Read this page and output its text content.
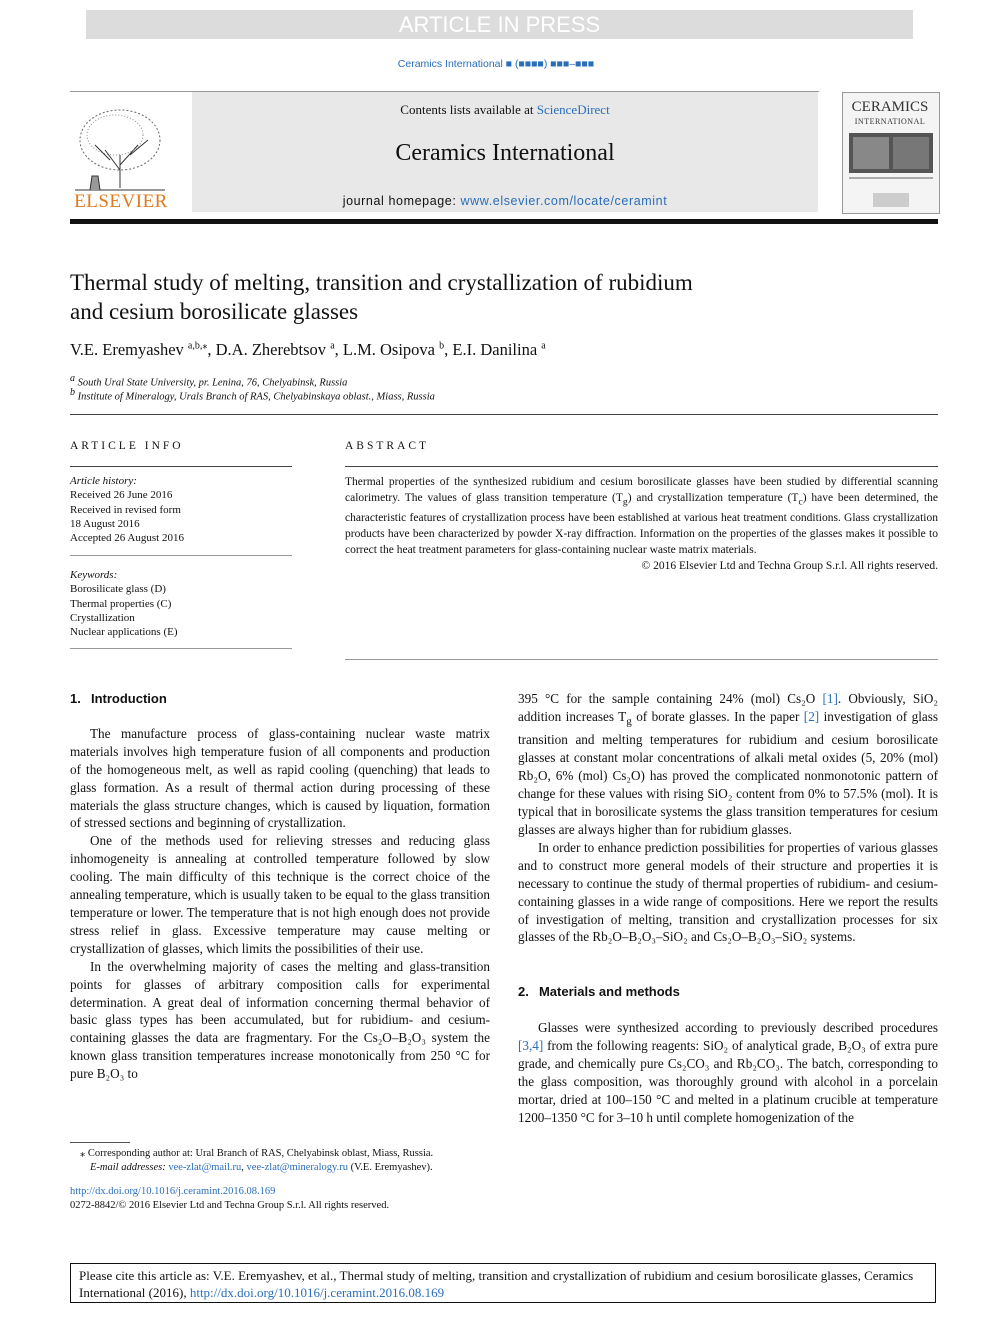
ARTICLE IN PRESS
Ceramics International ■ (■■■■) ■■■–■■■
ELSEVIER
Contents lists available at ScienceDirect
Ceramics International
journal homepage: www.elsevier.com/locate/ceramint
CERAMICS
INTERNATIONAL
Thermal study of melting, transition and crystallization of rubidium
and cesium borosilicate glasses
V.E. Eremyashev $^{a,b,⁎}$, D.A. Zherebtsov $^a$, L.M. Osipova $^b$, E.I. Danilina $^a$
$^a$ South Ural State University, pr. Lenina, 76, Chelyabinsk, Russia
$^b$ Institute of Mineralogy, Urals Branch of RAS, Chelyabinskaya oblast., Miass, Russia
ARTICLE INFO
Article history:
Received 26 June 2016
Received in revised form
18 August 2016
Accepted 26 August 2016
Keywords:
Borosilicate glass (D)
Thermal properties (C)
Crystallization
Nuclear applications (E)
ABSTRACT
Thermal properties of the synthesized rubidium and cesium borosilicate glasses have been studied by differential scanning calorimetry. The values of glass transition temperature $(T_g)$ and crystallization temperature $(T_c)$ have been determined, the characteristic features of crystallization process have been established at various heat treatment conditions. Glass crystallization products have been characterized by powder X-ray diffraction. Information on the properties of the glasses makes it possible to correct the heat treatment parameters for glass-containing nuclear waste matrix materials.
© 2016 Elsevier Ltd and Techna Group S.r.l. All rights reserved.
1.  Introduction

The manufacture process of glass-containing nuclear waste matrix materials involves high temperature fusion of all components and production of the homogeneous melt, as well as rapid cooling (quenching) that leads to glass formation. As a result of thermal action during processing of these materials the glass structure changes, which is caused by liquation, formation of stressed sections and beginning of crystallization.

One of the methods used for relieving stresses and reducing glass inhomogeneity is annealing at controlled temperature followed by slow cooling. The main difficulty of this technique is the correct choice of the annealing temperature, which is usually taken to be equal to the glass transition temperature or lower. The temperature that is not high enough does not provide stress relief in glass. Excessive temperature may cause melting or crystallization of glasses, which limits the possibilities of their use.

In the overwhelming majority of cases the melting and glass-transition points for glasses of arbitrary composition calls for experimental determination. A great deal of information concerning thermal behavior of basic glass types has been accumulated, but for rubidium- and cesium-containing glasses the data are fragmentary. For the Cs₂O–B₂O₃ system the known glass transition temperatures increase monotonically from 250 °C for pure B₂O₃ to

⁎ Corresponding author at: Ural Branch of RAS, Chelyabinsk oblast, Miass, Russia.
E-mail addresses: vee-zlat@mail.ru, vee-zlat@mineralogy.ru (V.E. Eremyashev).
http://dx.doi.org/10.1016/j.ceramint.2016.08.169
0272-8842/© 2016 Elsevier Ltd and Techna Group S.r.l. All rights reserved.

395 °C for the sample containing 24% (mol) Cs₂O [1]. Obviously, SiO₂ addition increases $T_g$ of borate glasses. In the paper [2] investigation of glass transition and melting temperatures for rubidium and cesium borosilicate glasses at constant molar concentrations of alkali metal oxides (5, 20% (mol) Rb₂O, 6% (mol) Cs₂O) has proved the complicated nonmonotonic pattern of change for these values with rising SiO₂ content from 0% to 57.5% (mol). It is typical that in borosilicate systems the glass transition temperatures for cesium glasses are always higher than for rubidium glasses.

In order to enhance prediction possibilities for properties of various glasses and to construct more general models of their structure and properties it is necessary to continue the study of thermal properties of rubidium- and cesium-containing glasses in a wide range of compositions. Here we report the results of investigation of melting, transition and crystallization processes for six glasses of the Rb₂O–B₂O₃–SiO₂ and Cs₂O–B₂O₃–SiO₂ systems.

2.  Materials and methods

Glasses were synthesized according to previously described procedures [3,4] from the following reagents: SiO₂ of analytical grade, B₂O₃ of extra pure grade, and chemically pure Cs₂CO₃ and Rb₂CO₃. The batch, corresponding to the glass composition, was thoroughly ground with alcohol in a porcelain mortar, dried at 100–150 °C and melted in a platinum crucible at temperature 1200–1350 °C for 3–10 h until complete homogenization of the

Please cite this article as: V.E. Eremyashev, et al., Thermal study of melting, transition and crystallization of rubidium and cesium borosilicate glasses, Ceramics International (2016), http://dx.doi.org/10.1016/j.ceramint.2016.08.169
